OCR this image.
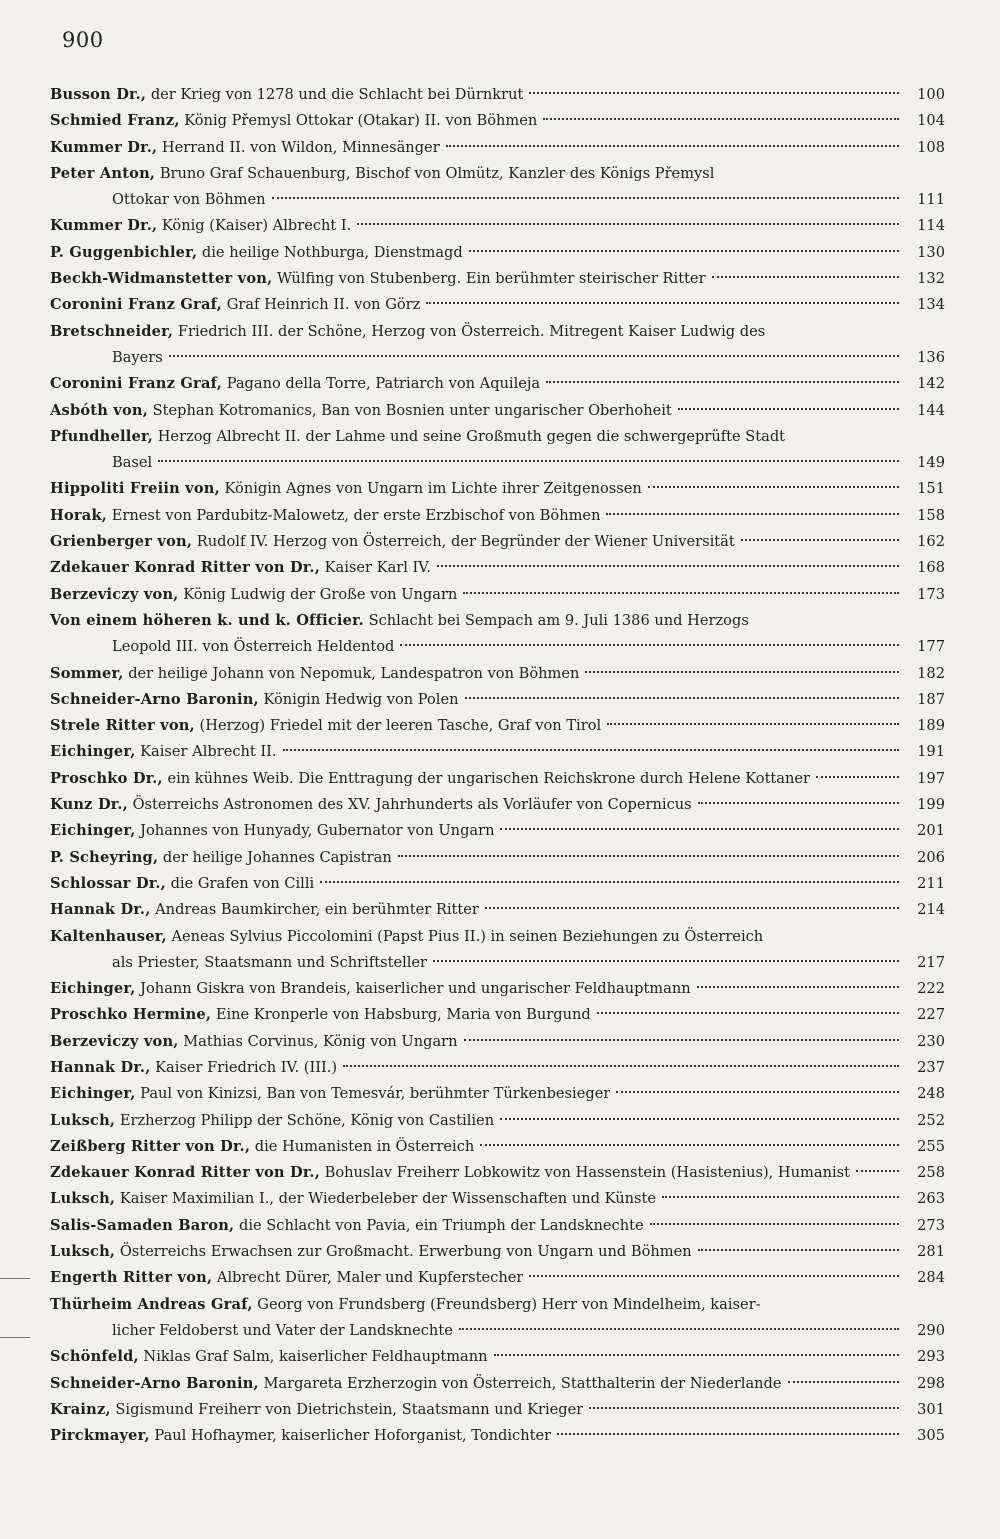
900
Busson Dr., der Krieg von 1278 und die Schlacht bei Dürnkrut	100
Schmied Franz, König Přemysl Ottokar (Otakar) II. von Böhmen	104
Kummer Dr., Herrand II. von Wildon, Minnesänger	108
Peter Anton, Bruno Graf Schauenburg, Bischof von Olmütz, Kanzler des Königs Přemysl
Ottokar von Böhmen	111
Kummer Dr., König (Kaiser) Albrecht I.	114
P. Guggenbichler, die heilige Nothburga, Dienstmagd	130
Beckh-Widmanstetter von, Wülfing von Stubenberg. Ein berühmter steirischer Ritter	132
Coronini Franz Graf, Graf Heinrich II. von Görz	134
Bretschneider, Friedrich III. der Schöne, Herzog von Österreich. Mitregent Kaiser Ludwig des
Bayers	136
Coronini Franz Graf, Pagano della Torre, Patriarch von Aquileja	142
Asbóth von, Stephan Kotromanics, Ban von Bosnien unter ungarischer Oberhoheit	144
Pfundheller, Herzog Albrecht II. der Lahme und seine Großmuth gegen die schwergeprüfte Stadt
Basel	149
Hippoliti Freiin von, Königin Agnes von Ungarn im Lichte ihrer Zeitgenossen	151
Horak, Ernest von Pardubitz-Malowetz, der erste Erzbischof von Böhmen	158
Grienberger von, Rudolf IV. Herzog von Österreich, der Begründer der Wiener Universität	162
Zdekauer Konrad Ritter von Dr., Kaiser Karl IV.	168
Berzeviczy von, König Ludwig der Große von Ungarn	173
Von einem höheren k. und k. Officier. Schlacht bei Sempach am 9. Juli 1386 und Herzogs
Leopold III. von Österreich Heldentod	177
Sommer, der heilige Johann von Nepomuk, Landespatron von Böhmen	182
Schneider-Arno Baronin, Königin Hedwig von Polen	187
Strele Ritter von, (Herzog) Friedel mit der leeren Tasche, Graf von Tirol	189
Eichinger, Kaiser Albrecht II.	191
Proschko Dr., ein kühnes Weib. Die Enttragung der ungarischen Reichskrone durch Helene Kottaner	197
Kunz Dr., Österreichs Astronomen des XV. Jahrhunderts als Vorläufer von Copernicus	199
Eichinger, Johannes von Hunyady, Gubernator von Ungarn	201
P. Scheyring, der heilige Johannes Capistran	206
Schlossar Dr., die Grafen von Cilli	211
Hannak Dr., Andreas Baumkircher, ein berühmter Ritter	214
Kaltenhauser, Aeneas Sylvius Piccolomini (Papst Pius II.) in seinen Beziehungen zu Österreich
als Priester, Staatsmann und Schriftsteller	217
Eichinger, Johann Giskra von Brandeis, kaiserlicher und ungarischer Feldhauptmann	222
Proschko Hermine, Eine Kronperle von Habsburg, Maria von Burgund	227
Berzeviczy von, Mathias Corvinus, König von Ungarn	230
Hannak Dr., Kaiser Friedrich IV. (III.)	237
Eichinger, Paul von Kinizsi, Ban von Temesvár, berühmter Türkenbesieger	248
Luksch, Erzherzog Philipp der Schöne, König von Castilien	252
Zeißberg Ritter von Dr., die Humanisten in Österreich	255
Zdekauer Konrad Ritter von Dr., Bohuslav Freiherr Lobkowitz von Hassenstein (Hasistenius), Humanist	258
Luksch, Kaiser Maximilian I., der Wiederbeleber der Wissenschaften und Künste	263
Salis-Samaden Baron, die Schlacht von Pavia, ein Triumph der Landsknechte	273
Luksch, Österreichs Erwachsen zur Großmacht. Erwerbung von Ungarn und Böhmen	281
Engerth Ritter von, Albrecht Dürer, Maler und Kupferstecher	284
Thürheim Andreas Graf, Georg von Frundsberg (Freundsberg) Herr von Mindelheim, kaiser-
licher Feldoberst und Vater der Landsknechte	290
Schönfeld, Niklas Graf Salm, kaiserlicher Feldhauptmann	293
Schneider-Arno Baronin, Margareta Erzherzogin von Österreich, Statthalterin der Niederlande	298
Krainz, Sigismund Freiherr von Dietrichstein, Staatsmann und Krieger	301
Pirckmayer, Paul Hofhaymer, kaiserlicher Hoforganist, Tondichter	305
